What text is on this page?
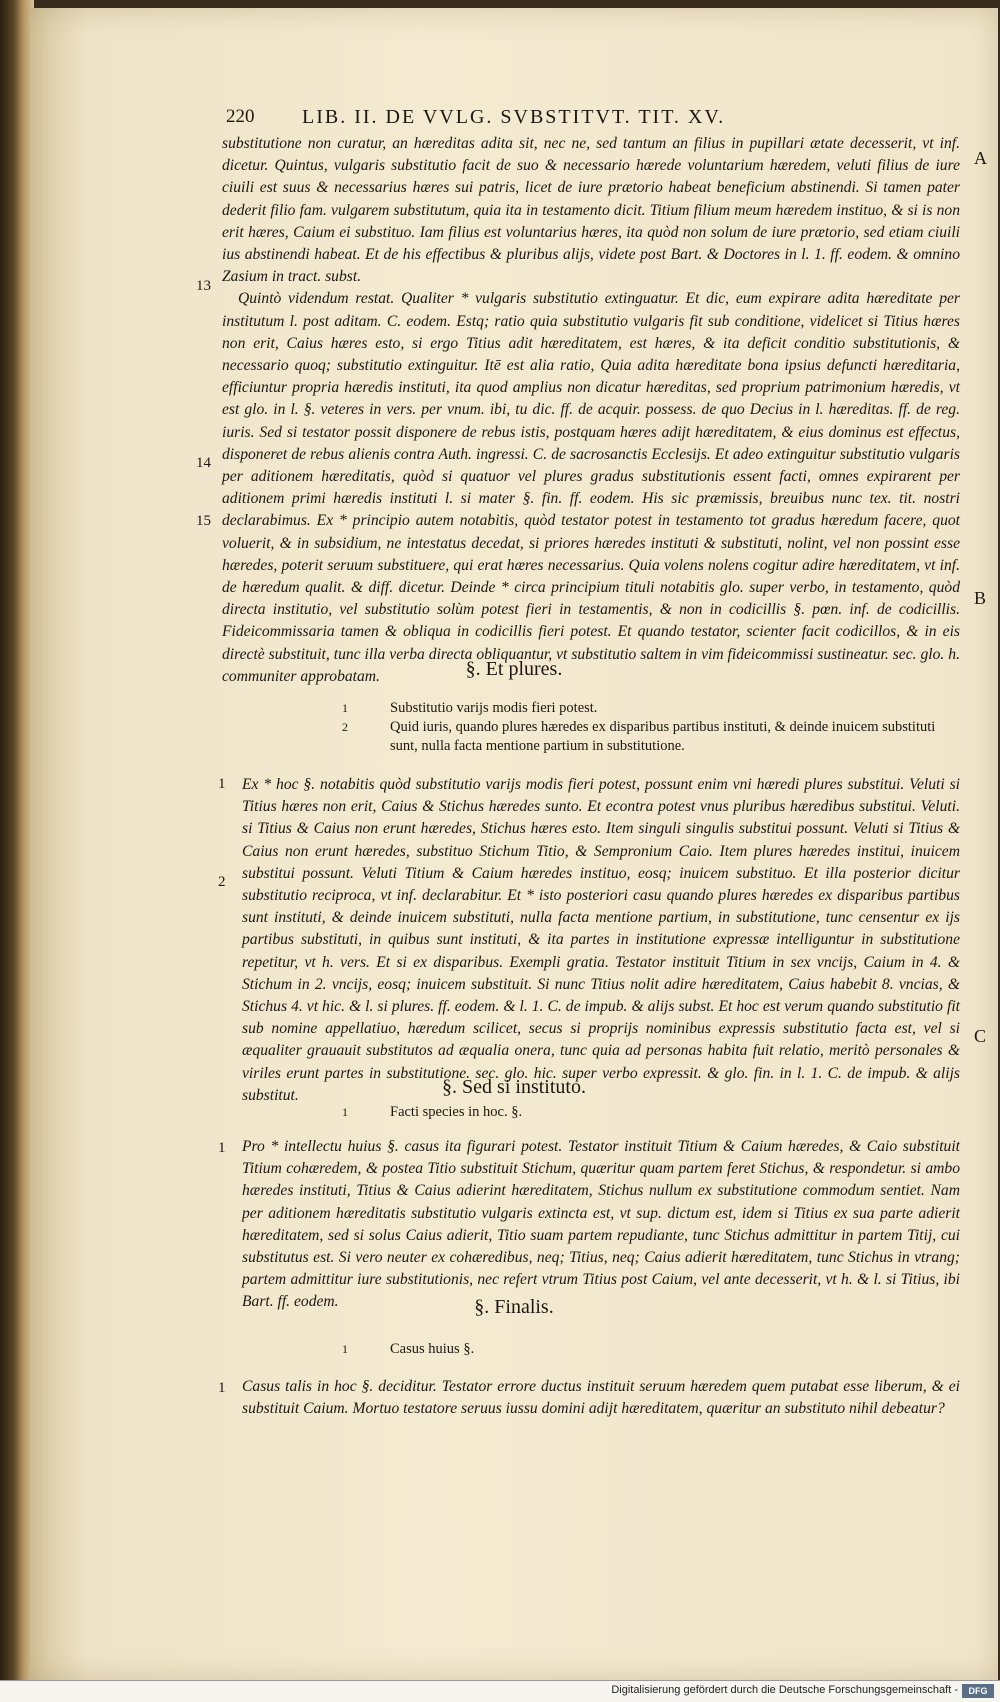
220 LIB. II. DE VVLG. SVBSTITVT. TIT. XV.
A
B
C

substitutione non curatur, an hæreditas adita sit, nec ne, sed tantum an filius in pupillari ætate decesserit, vt inf. dicetur. Quintus, vulgaris substitutio facit de suo & necessario hærede voluntarium hæredem, veluti filius de iure ciuili est suus & necessarius hæres sui patris, licet de iure prætorio habeat beneficium abstinendi. Si tamen pater dederit filio fam. vulgarem substitutum, quia ita in testamento dicit. Titium filium meum hæredem instituo, & si is non erit hæres, Caium ei substituo. Iam filius est voluntarius hæres, ita quòd non solum de iure prætorio, sed etiam ciuili ius abstinendi habeat. Et de his effectibus & pluribus alijs, videte post Bart. & Doctores in l. 1. ff. eodem. & omnino Zasium in tract. subst.

Quintò videndum restat. Qualiter * vulgaris substitutio extinguatur. Et dic, eum expirare adita hæreditate per institutum l. post aditam. C. eodem. Estq; ratio quia substitutio vulgaris fit sub conditione, videlicet si Titius hæres non erit, Caius hæres esto, si ergo Titius adit hæreditatem, est hæres, & ita deficit conditio substitutionis, & necessario quoq; substitutio extinguitur. Itē est alia ratio, Quia adita hæreditate bona ipsius defuncti hæreditaria, efficiuntur propria hæredis instituti, ita quod amplius non dicatur hæreditas, sed proprium patrimonium hæredis, vt est glo. in l. §. veteres in vers. per vnum. ibi, tu dic. ff. de acquir. possess. de quo Decius in l. hæreditas. ff. de reg. iuris. Sed si testator possit disponere de rebus istis, postquam hæres adijt hæreditatem, & eius dominus est effectus, disponeret de rebus alienis contra Auth. ingressi. C. de sacrosanctis Ecclesijs. Et adeo extinguitur substitutio vulgaris per aditionem hæreditatis, quòd si quatuor vel plures gradus substitutionis essent facti, omnes expirarent per aditionem primi hæredis instituti l. si mater §. fin. ff. eodem. His sic præmissis, breuibus nunc tex. tit. nostri declarabimus. Ex * principio autem notabitis, quòd testator potest in testamento tot gradus hæredum facere, quot voluerit, & in subsidium, ne intestatus decedat, si priores hæredes instituti & substituti, nolint, vel non possint esse hæredes, poterit seruum substituere, qui erat hæres necessarius. Quia volens nolens cogitur adire hæreditatem, vt inf. de hæredum qualit. & diff. dicetur. Deinde * circa principium tituli notabitis glo. super verbo, in testamento, quòd directa institutio, vel substitutio solùm potest fieri in testamentis, & non in codicillis §. pœn. inf. de codicillis. Fideicommissaria tamen & obliqua in codicillis fieri potest. Et quando testator, scienter facit codicillos, & in eis directè substituit, tunc illa verba directa obliquantur, vt substitutio saltem in vim fideicommissi sustineatur. sec. glo. h. communiter approbatam.

13
14
15
§. Et plures.
1	Substitutio varijs modis fieri potest.
2	Quid iuris, quando plures hæredes ex disparibus partibus instituti, & deinde inuicem substituti sunt, nulla facta mentione partium in substitutione.
Ex * hoc §. notabitis quòd substitutio varijs modis fieri potest, possunt enim vni hæredi plures substitui. Veluti si Titius hæres non erit, Caius & Stichus hæredes sunto. Et econtra potest vnus pluribus hæredibus substitui. Veluti. si Titius & Caius non erunt hæredes, Stichus hæres esto. Item singuli singulis substitui possunt. Veluti si Titius & Caius non erunt hæredes, substituo Stichum Titio, & Sempronium Caio. Item plures hæredes institui, inuicem substitui possunt. Veluti Titium & Caium hæredes instituo, eosq; inuicem substituo. Et illa posterior dicitur substitutio reciproca, vt inf. declarabitur. Et * isto posteriori casu quando plures hæredes ex disparibus partibus sunt instituti, & deinde inuicem substituti, nulla facta mentione partium, in substitutione, tunc censentur ex ijs partibus substituti, in quibus sunt instituti, & ita partes in institutione expressæ intelliguntur in substitutione repetitur, vt h. vers. Et si ex disparibus. Exempli gratia. Testator instituit Titium in sex vncijs, Caium in 4. & Stichum in 2. vncijs, eosq; inuicem substituit. Si nunc Titius nolit adire hæreditatem, Caius habebit 8. vncias, & Stichus 4. vt hic. & l. si plures. ff. eodem. & l. 1. C. de impub. & alijs subst. Et hoc est verum quando substitutio fit sub nomine appellatiuo, hæredum scilicet, secus si proprijs nominibus expressis substitutio facta est, vel si æqualiter grauauit substitutos ad æqualia onera, tunc quia ad personas habita fuit relatio, meritò personales & viriles erunt partes in substitutione. sec. glo. hic. super verbo expressit. & glo. fin. in l. 1. C. de impub. & alijs substitut.
1
2
§. Sed si instituto.
1	Facti species in hoc. §.
Pro * intellectu huius §. casus ita figurari potest. Testator instituit Titium & Caium hæredes, & Caio substituit Titium cohæredem, & postea Titio substituit Stichum, quæritur quam partem feret Stichus, & respondetur. si ambo hæredes instituti, Titius & Caius adierint hæreditatem, Stichus nullum ex substitutione commodum sentiet. Nam per aditionem hæreditatis substitutio vulgaris extincta est, vt sup. dictum est, idem si Titius ex sua parte adierit hæreditatem, sed si solus Caius adierit, Titio suam partem repudiante, tunc Stichus admittitur in partem Titij, cui substitutus est. Si vero neuter ex cohæredibus, neq; Titius, neq; Caius adierit hæreditatem, tunc Stichus in vtrang; partem admittitur iure substitutionis, nec refert vtrum Titius post Caium, vel ante decesserit, vt h. & l. si Titius, ibi Bart. ff. eodem.
1
§. Finalis.
1	Casus huius §.
Casus talis in hoc §. deciditur. Testator errore ductus instituit seruum hæredem quem putabat esse liberum, & ei substituit Caium. Mortuo testatore seruus iussu domini adijt hæreditatem, quæritur an substituto nihil debeatur?
1
Digitalisierung gefördert durch die Deutsche Forschungsgemeinschaft -	DFG
